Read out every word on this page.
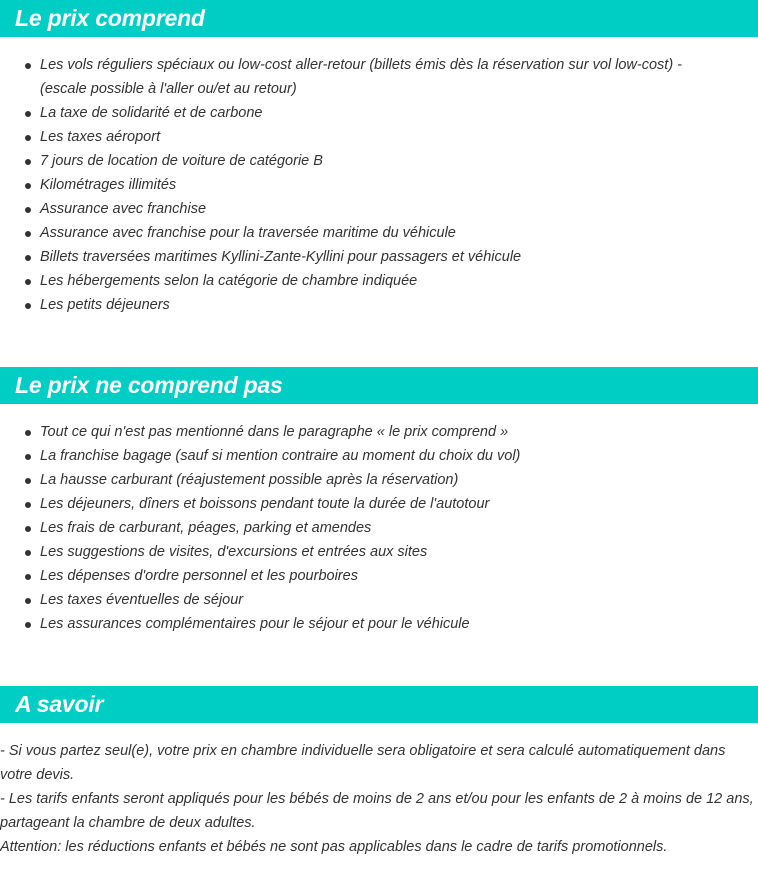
Le prix comprend
Les vols réguliers spéciaux ou low-cost aller-retour (billets émis dès la réservation sur vol low-cost) - (escale possible à l'aller ou/et au retour)
La taxe de solidarité et de carbone
Les taxes aéroport
7 jours de location de voiture de catégorie B
Kilométrages illimités
Assurance avec franchise
Assurance avec franchise pour la traversée maritime du véhicule
Billets traversées maritimes Kyllini-Zante-Kyllini pour passagers et véhicule
Les hébergements selon la catégorie de chambre indiquée
Les petits déjeuners
Le prix ne comprend pas
Tout ce qui n'est pas mentionné dans le paragraphe « le prix comprend »
La franchise bagage (sauf si mention contraire au moment du choix du vol)
La hausse carburant (réajustement possible après la réservation)
Les déjeuners, dîners et boissons pendant toute la durée de l'autotour
Les frais de carburant, péages, parking et amendes
Les suggestions de visites, d'excursions et entrées aux sites
Les dépenses d'ordre personnel et les pourboires
Les taxes éventuelles de séjour
Les assurances complémentaires pour le séjour et pour le véhicule
A savoir

- Si vous partez seul(e), votre prix en chambre individuelle sera obligatoire et sera calculé automatiquement dans votre devis.

- Les tarifs enfants seront appliqués pour les bébés de moins de 2 ans et/ou pour les enfants de 2 à moins de 12 ans, partageant la chambre de deux adultes.

Attention: les réductions enfants et bébés ne sont pas applicables dans le cadre de tarifs promotionnels.
